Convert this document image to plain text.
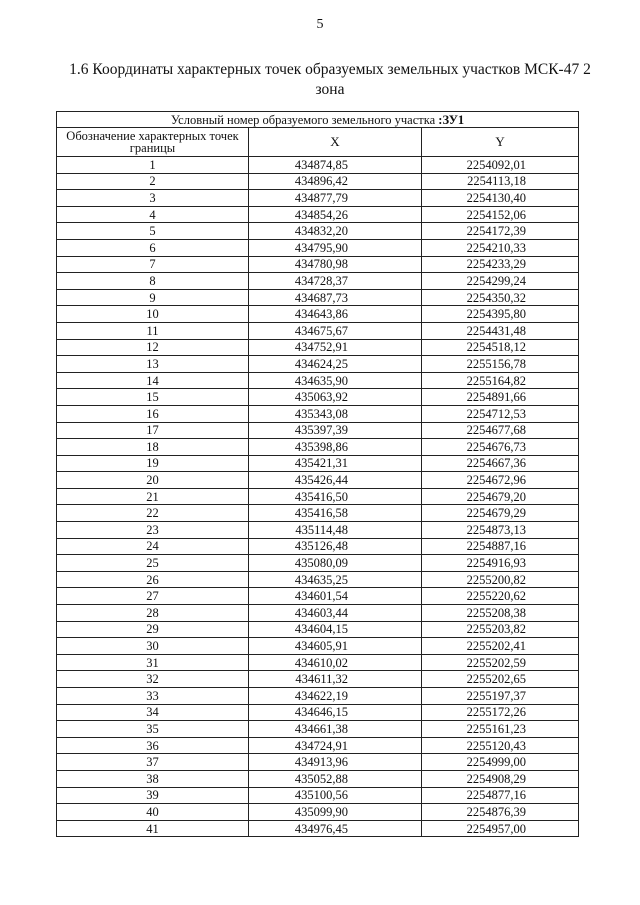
5
1.6 Координаты характерных точек образуемых земельных участков МСК-47 2
зона
Условный номер образуемого земельного участка :ЗУ1		
Обозначение характерных точек границы	X	Y
1	434874,85	2254092,01
2	434896,42	2254113,18
3	434877,79	2254130,40
4	434854,26	2254152,06
5	434832,20	2254172,39
6	434795,90	2254210,33
7	434780,98	2254233,29
8	434728,37	2254299,24
9	434687,73	2254350,32
10	434643,86	2254395,80
11	434675,67	2254431,48
12	434752,91	2254518,12
13	434624,25	2255156,78
14	434635,90	2255164,82
15	435063,92	2254891,66
16	435343,08	2254712,53
17	435397,39	2254677,68
18	435398,86	2254676,73
19	435421,31	2254667,36
20	435426,44	2254672,96
21	435416,50	2254679,20
22	435416,58	2254679,29
23	435114,48	2254873,13
24	435126,48	2254887,16
25	435080,09	2254916,93
26	434635,25	2255200,82
27	434601,54	2255220,62
28	434603,44	2255208,38
29	434604,15	2255203,82
30	434605,91	2255202,41
31	434610,02	2255202,59
32	434611,32	2255202,65
33	434622,19	2255197,37
34	434646,15	2255172,26
35	434661,38	2255161,23
36	434724,91	2255120,43
37	434913,96	2254999,00
38	435052,88	2254908,29
39	435100,56	2254877,16
40	435099,90	2254876,39
41	434976,45	2254957,00
